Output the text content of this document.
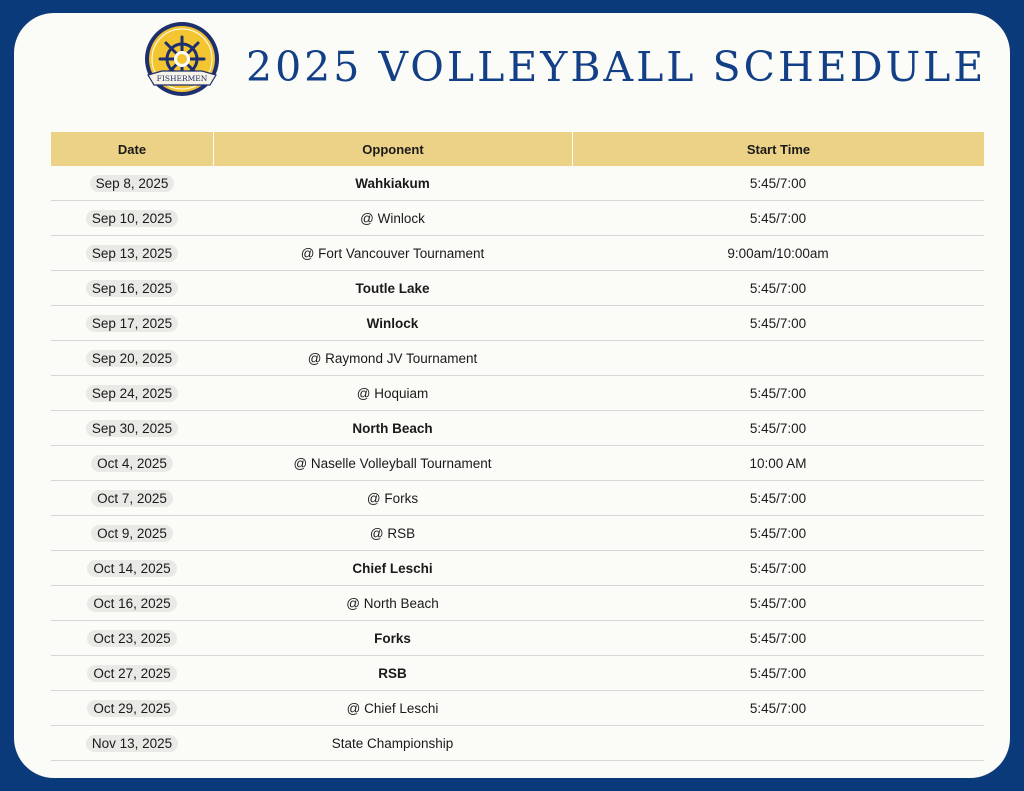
FISHERMEN 2025 VOLLEYBALL SCHEDULE
Date	Opponent	Start Time
Sep 8, 2025	Wahkiakum	5:45/7:00
Sep 10, 2025	@ Winlock	5:45/7:00
Sep 13, 2025	@ Fort Vancouver Tournament	9:00am/10:00am
Sep 16, 2025	Toutle Lake	5:45/7:00
Sep 17, 2025	Winlock	5:45/7:00
Sep 20, 2025	@ Raymond JV Tournament
Sep 24, 2025	@ Hoquiam	5:45/7:00
Sep 30, 2025	North Beach	5:45/7:00
Oct 4, 2025	@ Naselle Volleyball Tournament	10:00 AM
Oct 7, 2025	@ Forks	5:45/7:00
Oct 9, 2025	@ RSB	5:45/7:00
Oct 14, 2025	Chief Leschi	5:45/7:00
Oct 16, 2025	@ North Beach	5:45/7:00
Oct 23, 2025	Forks	5:45/7:00
Oct 27, 2025	RSB	5:45/7:00
Oct 29, 2025	@ Chief Leschi	5:45/7:00
Nov 13, 2025	State Championship
